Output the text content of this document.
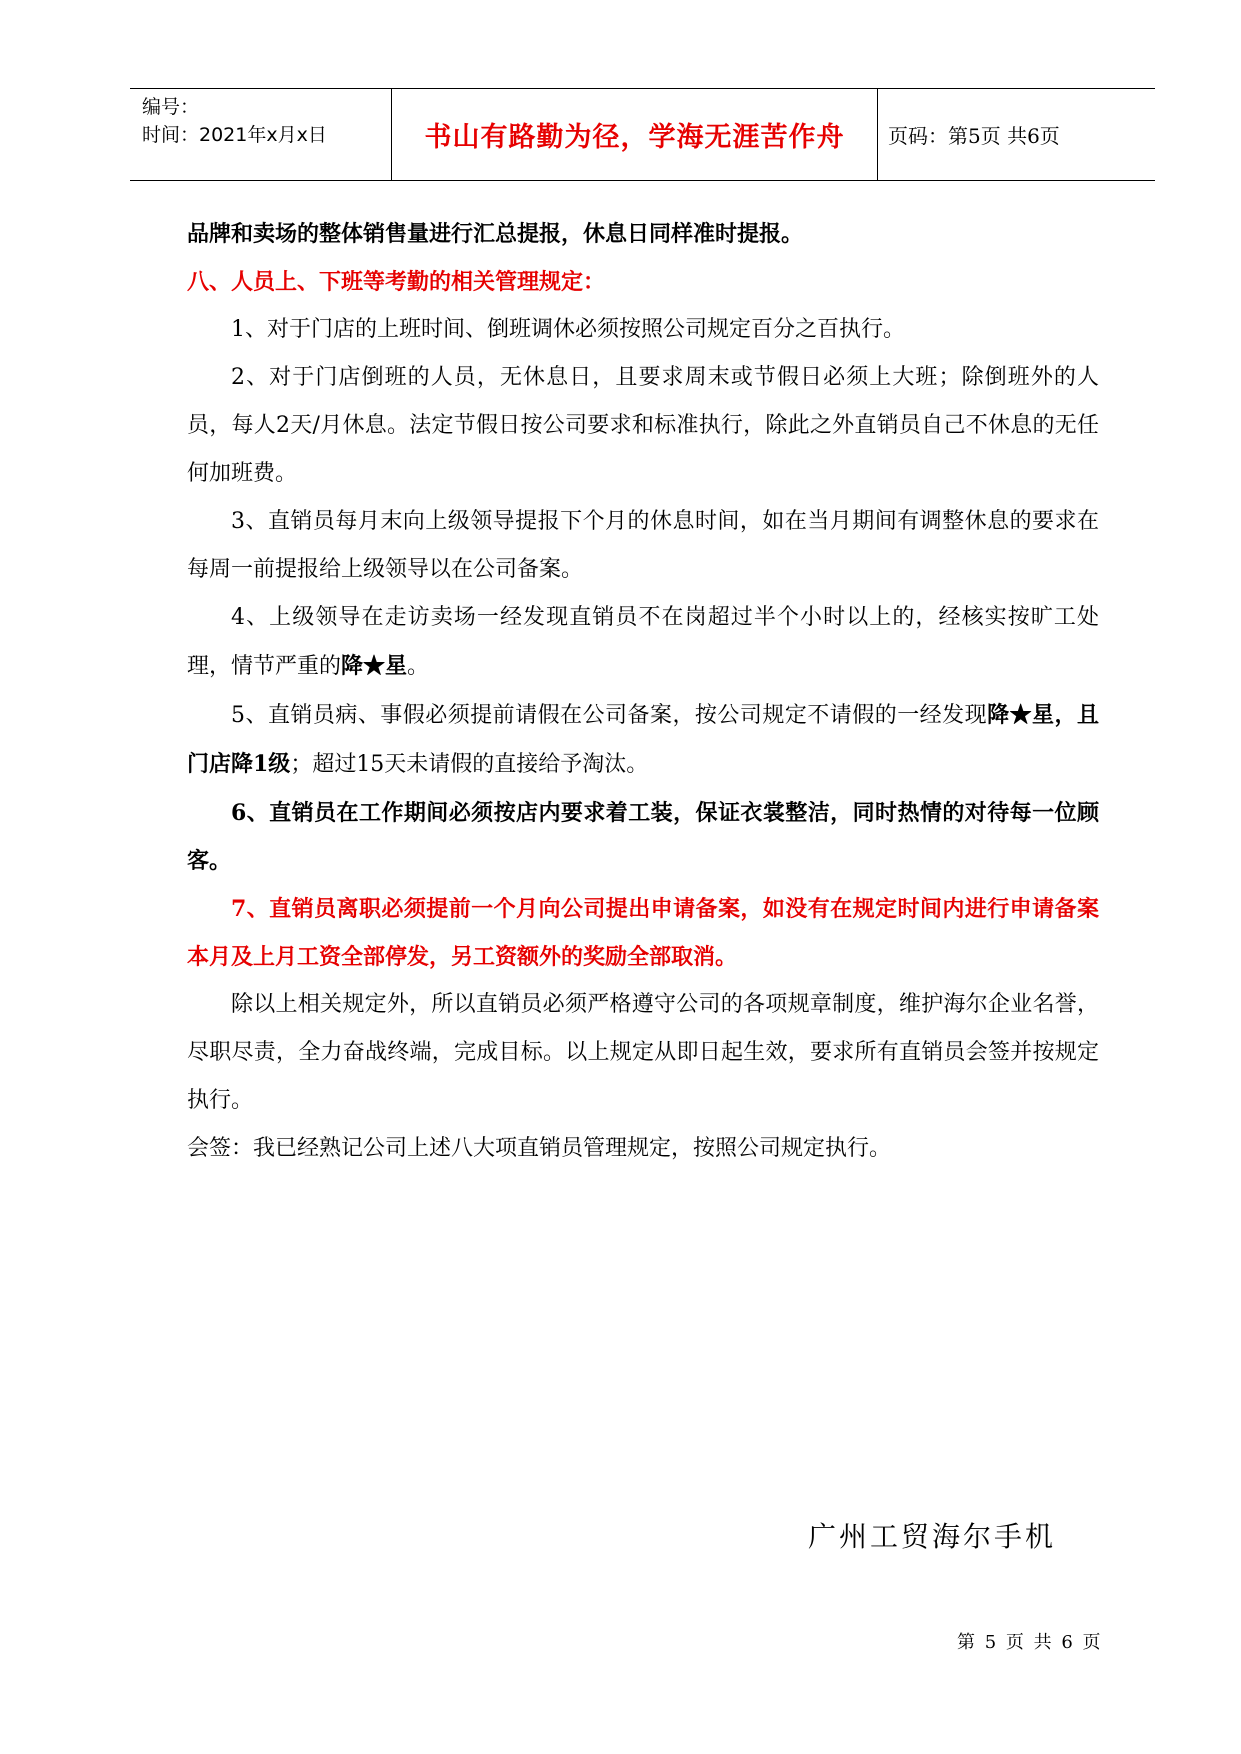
编号：
时间：2021年x月x日	书山有路勤为径，学海无涯苦作舟	页码：第5页 共6页

品牌和卖场的整体销售量进行汇总提报，休息日同样准时提报。

八、人员上、下班等考勤的相关管理规定：

1、对于门店的上班时间、倒班调休必须按照公司规定百分之百执行。

2、对于门店倒班的人员，无休息日，且要求周末或节假日必须上大班；除倒班外的人员，每人2天/月休息。法定节假日按公司要求和标准执行，除此之外直销员自己不休息的无任何加班费。

3、直销员每月末向上级领导提报下个月的休息时间，如在当月期间有调整休息的要求在每周一前提报给上级领导以在公司备案。

4、上级领导在走访卖场一经发现直销员不在岗超过半个小时以上的，经核实按旷工处理，情节严重的降★星。

5、直销员病、事假必须提前请假在公司备案，按公司规定不请假的一经发现降★星，且门店降1级；超过15天未请假的直接给予淘汰。

6、直销员在工作期间必须按店内要求着工装，保证衣裳整洁，同时热情的对待每一位顾客。

7、直销员离职必须提前一个月向公司提出申请备案，如没有在规定时间内进行申请备案本月及上月工资全部停发，另工资额外的奖励全部取消。

除以上相关规定外，所以直销员必须严格遵守公司的各项规章制度，维护海尔企业名誉，尽职尽责，全力奋战终端，完成目标。以上规定从即日起生效，要求所有直销员会签并按规定执行。

会签：我已经熟记公司上述八大项直销员管理规定，按照公司规定执行。

广州工贸海尔手机
第 5 页 共 6 页
